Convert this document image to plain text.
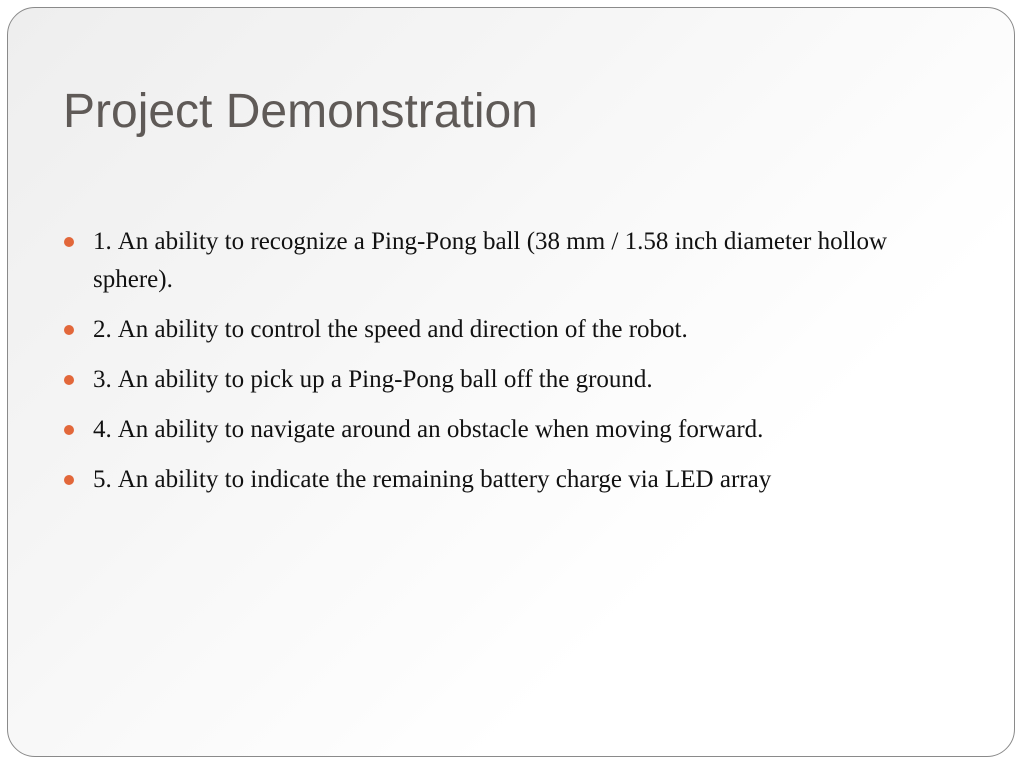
Project Demonstration
1. An ability to recognize a Ping-Pong ball (38 mm / 1.58 inch diameter hollow sphere).
2. An ability to control the speed and direction of the robot.
3. An ability to pick up a Ping-Pong ball off the ground.
4. An ability to navigate around an obstacle when moving forward.
5. An ability to indicate the remaining battery charge via LED array
